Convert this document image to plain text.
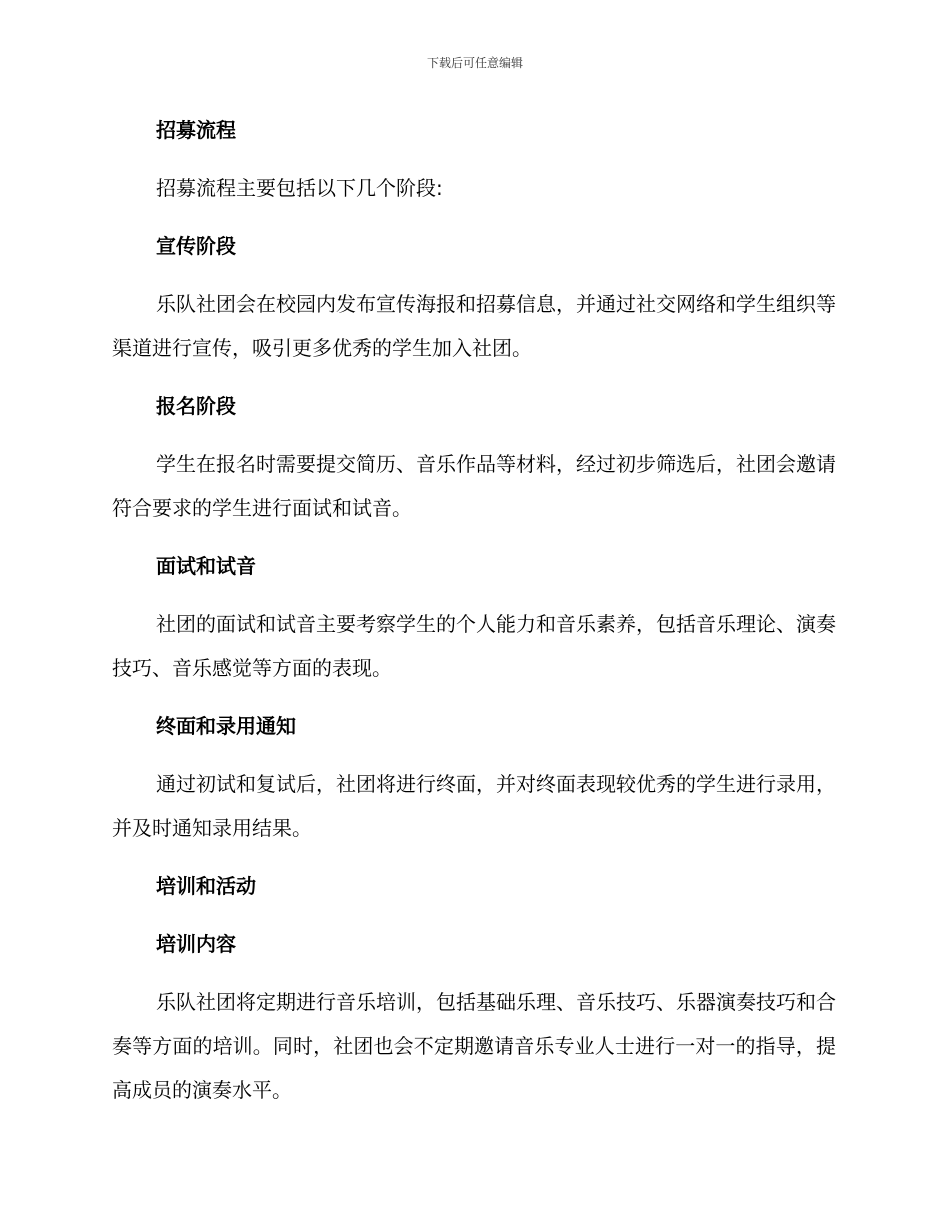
下载后可任意编辑
招募流程
招募流程主要包括以下几个阶段:
宣传阶段
乐队社团会在校园内发布宣传海报和招募信息，并通过社交网络和学生组织等渠道进行宣传，吸引更多优秀的学生加入社团。
报名阶段
学生在报名时需要提交简历、音乐作品等材料，经过初步筛选后，社团会邀请符合要求的学生进行面试和试音。
面试和试音
社团的面试和试音主要考察学生的个人能力和音乐素养，包括音乐理论、演奏技巧、音乐感觉等方面的表现。
终面和录用通知
通过初试和复试后，社团将进行终面，并对终面表现较优秀的学生进行录用，并及时通知录用结果。
培训和活动
培训内容
乐队社团将定期进行音乐培训，包括基础乐理、音乐技巧、乐器演奏技巧和合奏等方面的培训。同时，社团也会不定期邀请音乐专业人士进行一对一的指导，提高成员的演奏水平。
